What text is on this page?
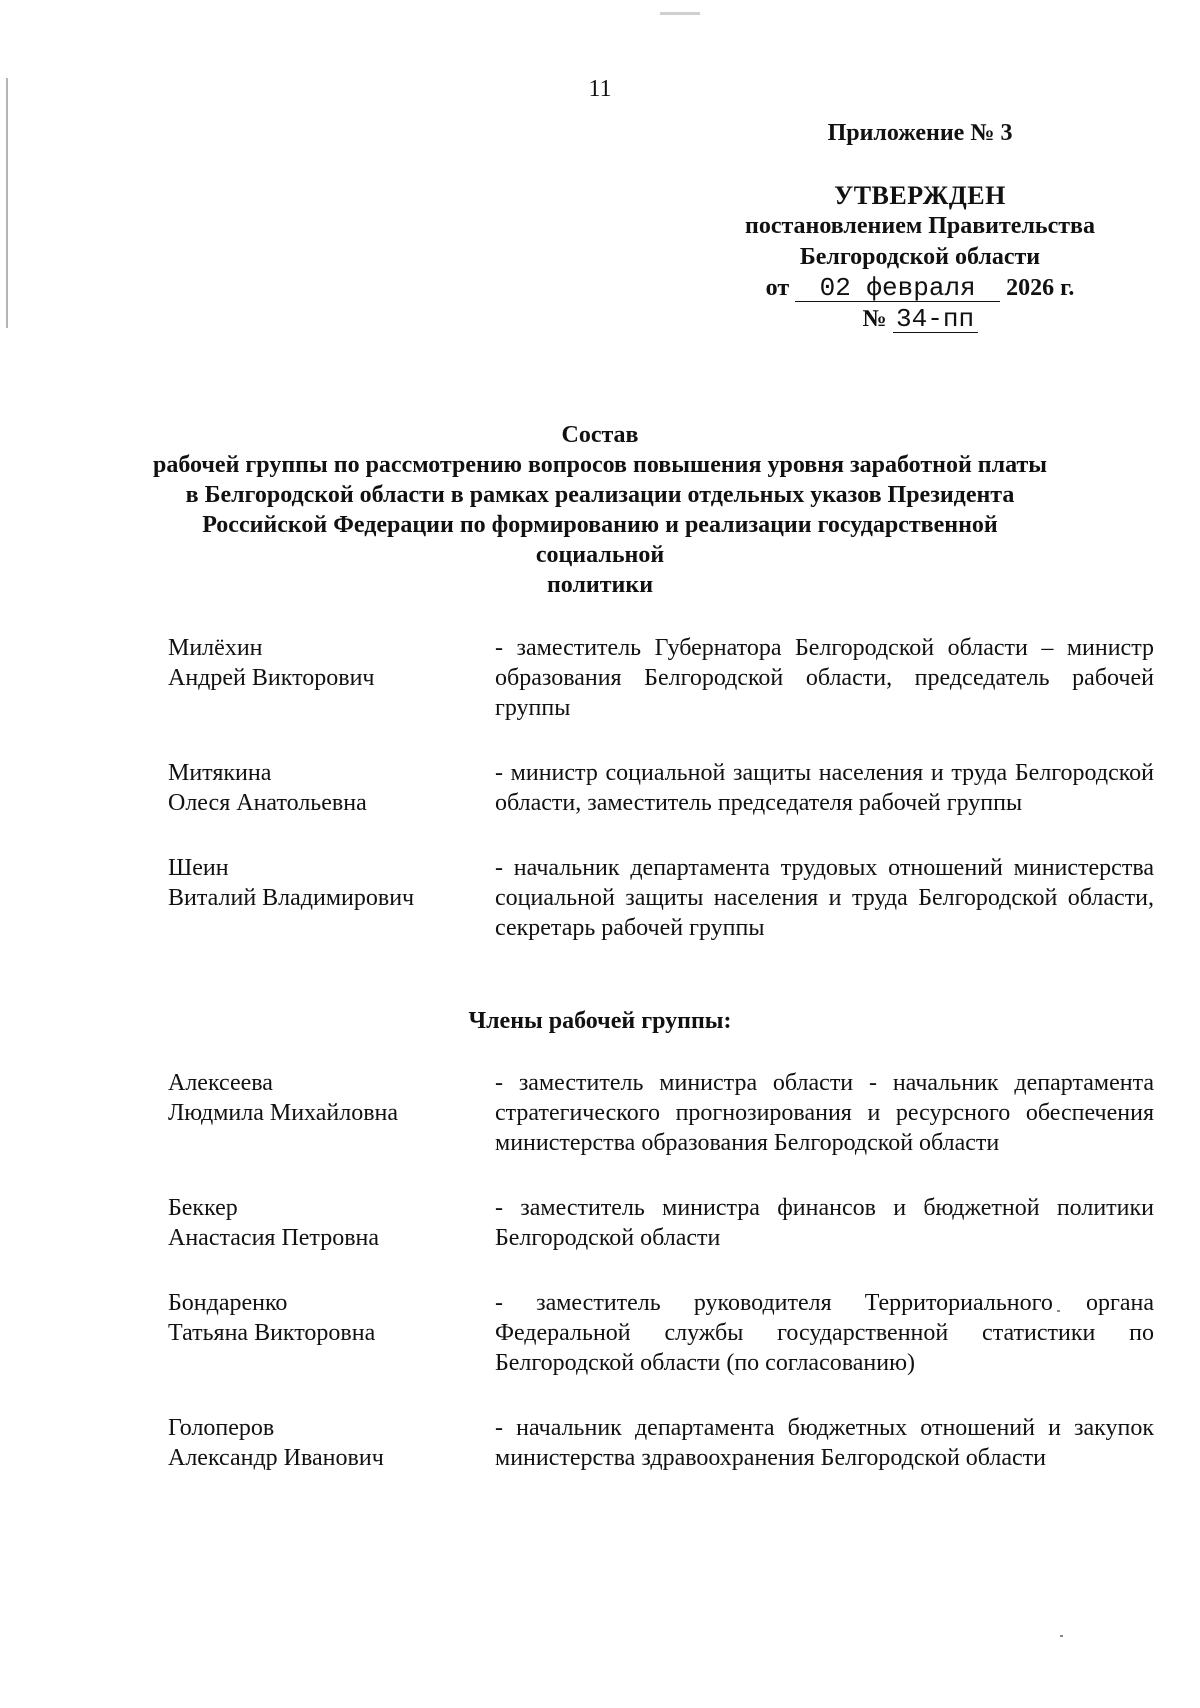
11
Приложение № 3
УТВЕРЖДЕН
постановлением Правительства
Белгородской области
от 02 февраля 2026 г.
№ 34-пп
Состав
рабочей группы по рассмотрению вопросов повышения уровня заработной платы
в Белгородской области в рамках реализации отдельных указов Президента
Российской Федерации по формированию и реализации государственной социальной
политики
Милёхин
Андрей Викторович
- заместитель Губернатора Белгородской области – министр образования Белгородской области, председатель рабочей группы
Митякина
Олеся Анатольевна
- министр социальной защиты населения и труда Белгородской области, заместитель председателя рабочей группы
Шеин
Виталий Владимирович
- начальник департамента трудовых отношений министерства социальной защиты населения и труда Белгородской области, секретарь рабочей группы
Члены рабочей группы:
Алексеева
Людмила Михайловна
- заместитель министра области - начальник департамента стратегического прогнозирования и ресурсного обеспечения министерства образования Белгородской области
Беккер
Анастасия Петровна
- заместитель министра финансов и бюджетной политики Белгородской области
Бондаренко
Татьяна Викторовна
- заместитель руководителя Территориального органа Федеральной службы государственной статистики по Белгородской области (по согласованию)
Голоперов
Александр Иванович
- начальник департамента бюджетных отношений и закупок министерства здравоохранения Белгородской области
